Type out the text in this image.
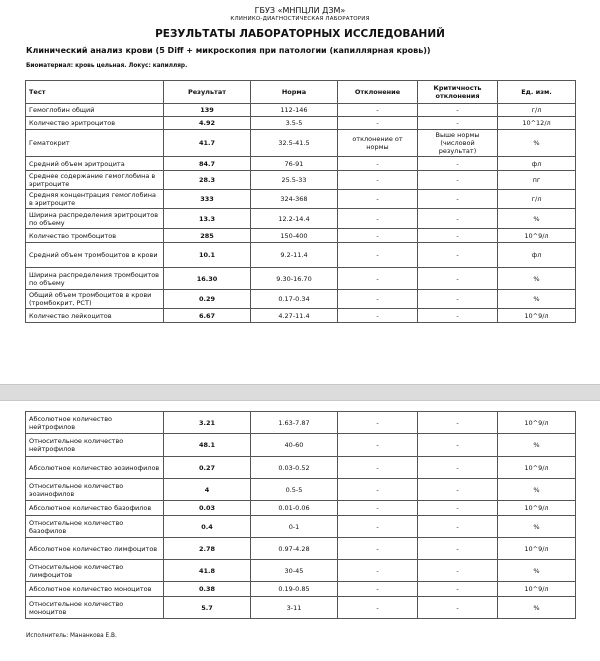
ГБУЗ «МНПЦЛИ ДЗМ»
КЛИНИКО-ДИАГНОСТИЧЕСКАЯ ЛАБОРАТОРИЯ
РЕЗУЛЬТАТЫ ЛАБОРАТОРНЫХ ИССЛЕДОВАНИЙ
Клинический анализ крови (5 Diff + микроскопия при патологии (капиллярная кровь))
Биоматериал: кровь цельная. Локус: капилляр.
Тест	Результат	Норма	Отклонение	Критичность отклонения	Ед. изм.
Гемоглобин общий	139	112-146	-	-	г/л
Количество эритроцитов	4.92	3.5-5	-	-	10^12/л
Гематокрит	41.7	32.5-41.5	отклонение от нормы	Выше нормы (числовой результат)	%
Средний объем эритроцита	84.7	76-91	-	-	фл
Среднее содержание гемоглобина в эритроците	28.3	25.5-33	-	-	пг
Средняя концентрация гемоглобина в эритроците	333	324-368	-	-	г/л
Ширина распределения эритроцитов по объему	13.3	12.2-14.4	-	-	%
Количество тромбоцитов	285	150-400	-	-	10^9/л
Средний объем тромбоцитов в крови	10.1	9.2-11.4	-	-	фл
Ширина распределения тромбоцитов по объему	16.30	9.30-16.70	-	-	%
Общий объем тромбоцитов в крови (тромбокрит, PCT)	0.29	0.17-0.34	-	-	%
Количество лейкоцитов	6.67	4.27-11.4	-	-	10^9/л
Исполнитель: Мананкова Е.В.
Абсолютное количество нейтрофилов	3.21	1.63-7.87	-	-	10^9/л
Относительное количество нейтрофилов	48.1	40-60	-	-	%
Абсолютное количество эозинофилов	0.27	0.03-0.52	-	-	10^9/л
Относительное количество эозинофилов	4	0.5-5	-	-	%
Абсолютное количество базофилов	0.03	0.01-0.06	-	-	10^9/л
Относительное количество базофилов	0.4	0-1	-	-	%
Абсолютное количество лимфоцитов	2.78	0.97-4.28	-	-	10^9/л
Относительное количество лимфоцитов	41.8	30-45	-	-	%
Абсолютное количество моноцитов	0.38	0.19-0.85	-	-	10^9/л
Относительное количество моноцитов	5.7	3-11	-	-	%
